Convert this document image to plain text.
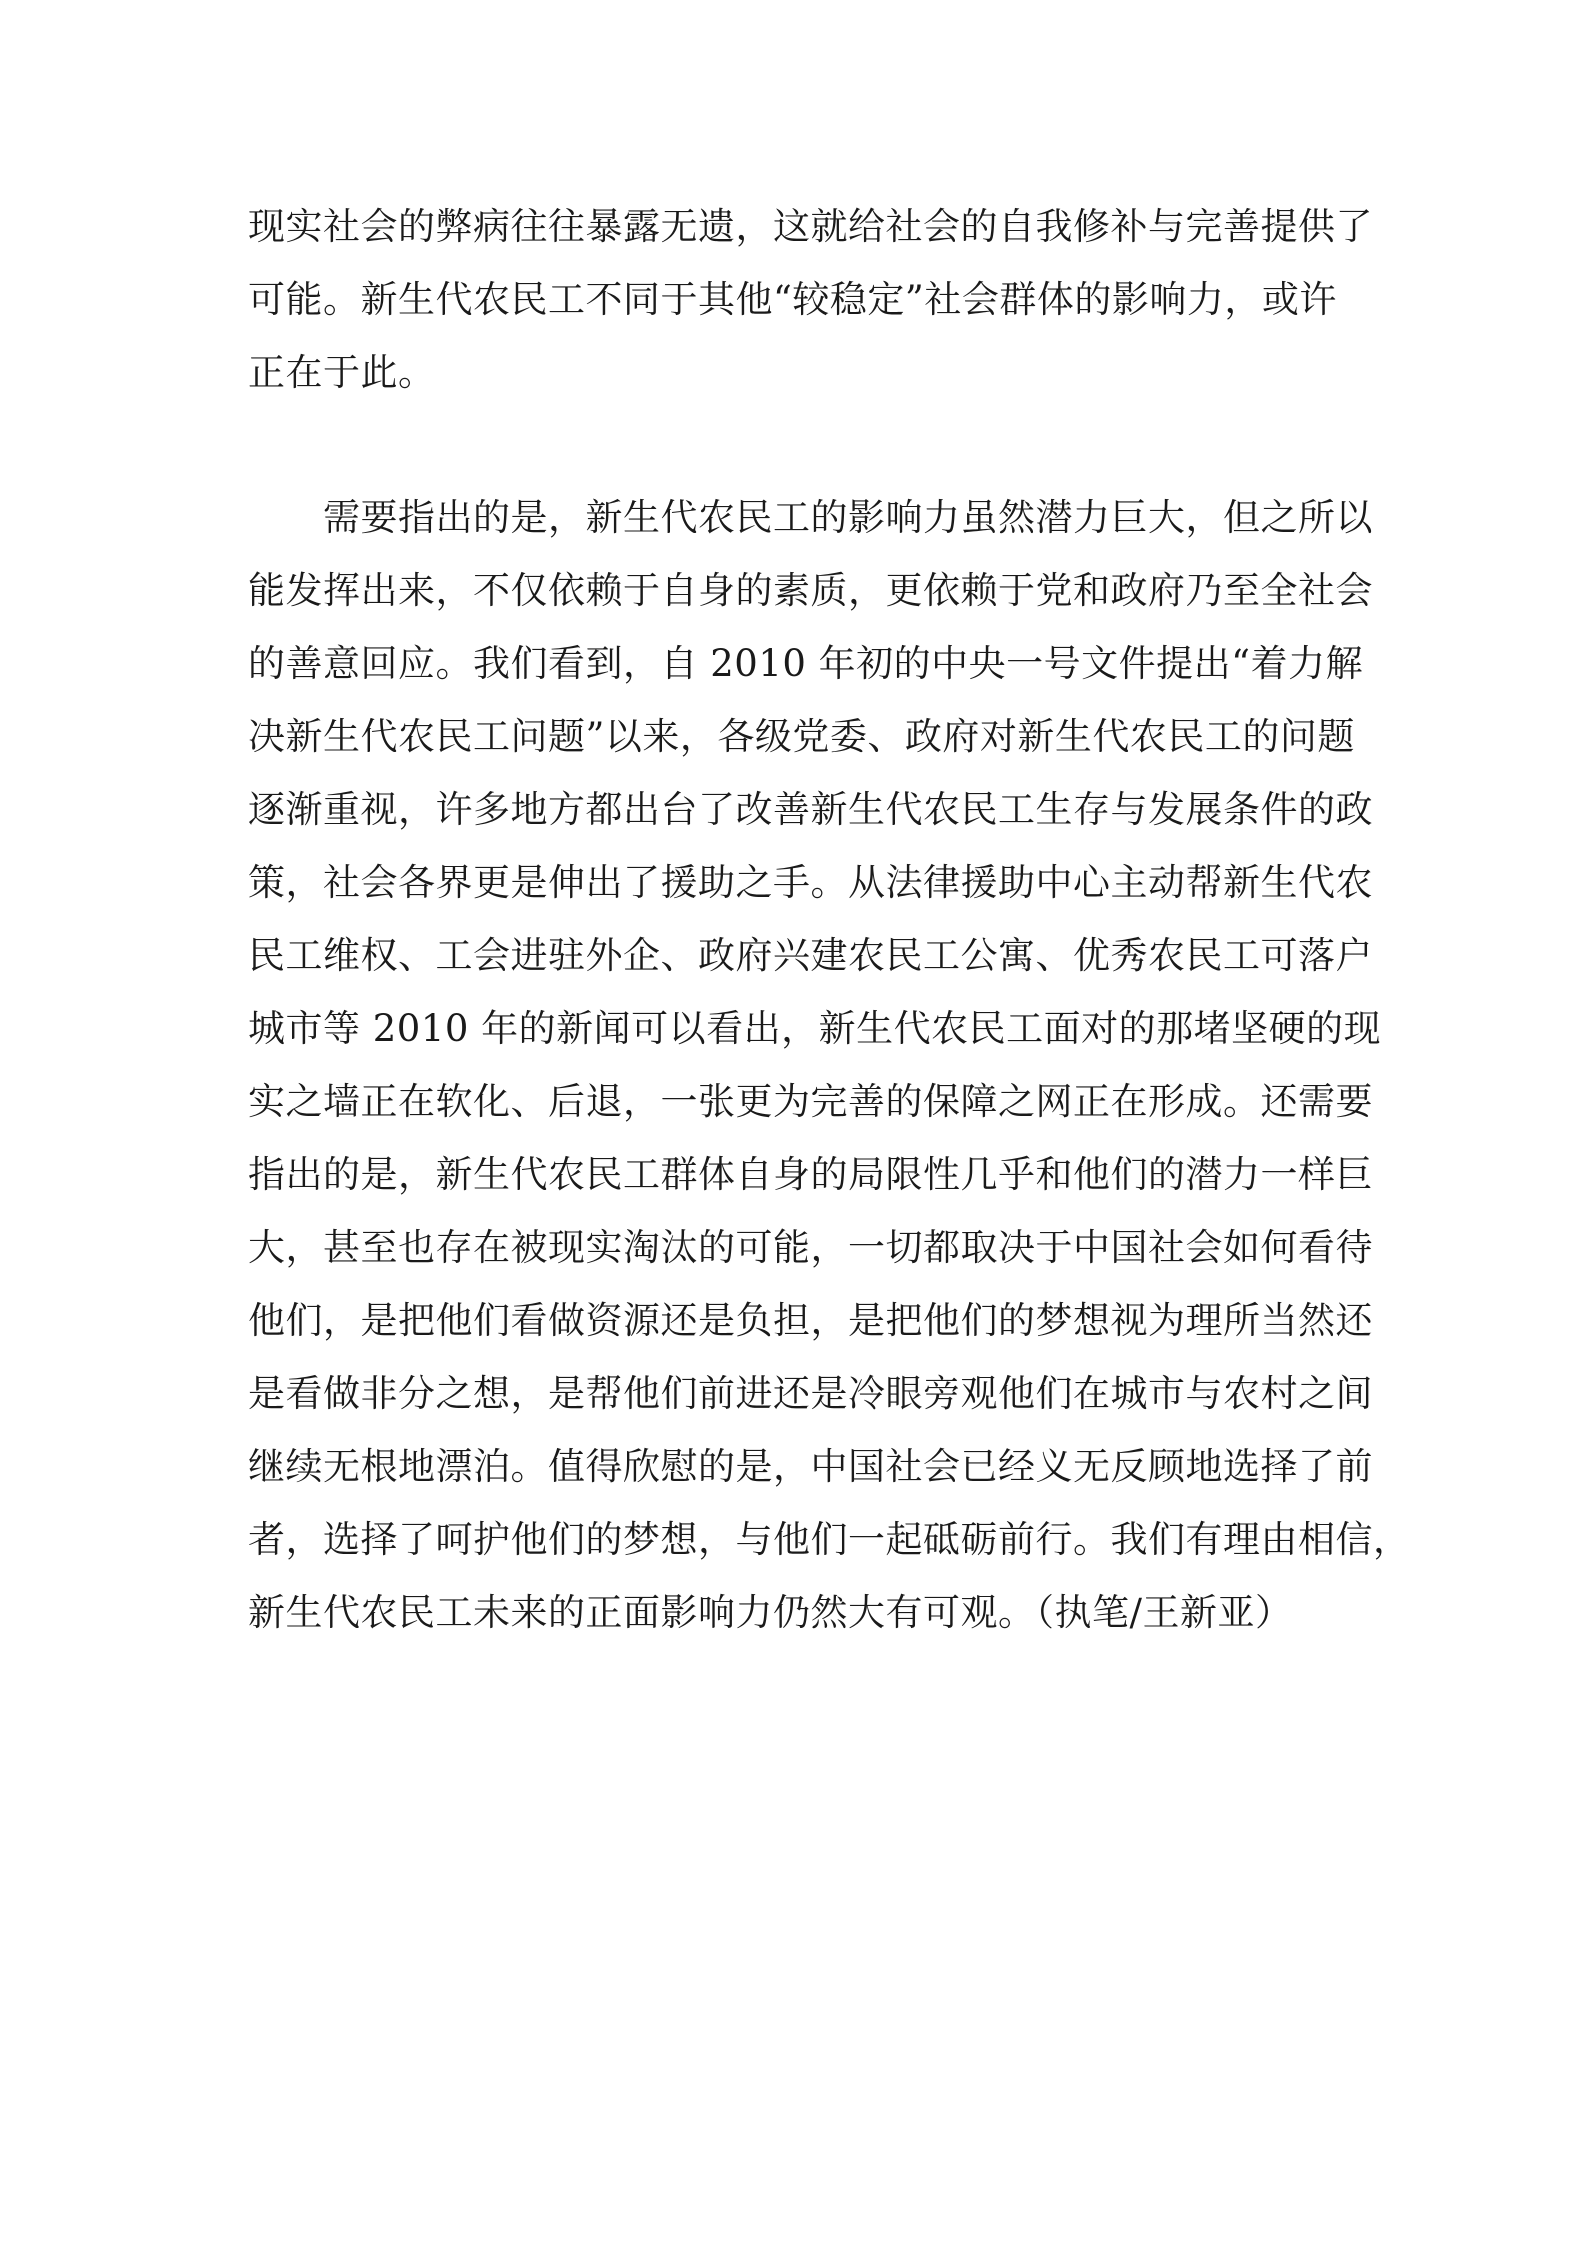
现实社会的弊病往往暴露无遗，这就给社会的自我修补与完善提供了
可能。新生代农民工不同于其他“较稳定”社会群体的影响力，或许
正在于此。
　　需要指出的是，新生代农民工的影响力虽然潜力巨大，但之所以
能发挥出来，不仅依赖于自身的素质，更依赖于党和政府乃至全社会
的善意回应。我们看到，自 2010 年初的中央一号文件提出“着力解
决新生代农民工问题”以来，各级党委、政府对新生代农民工的问题
逐渐重视，许多地方都出台了改善新生代农民工生存与发展条件的政
策，社会各界更是伸出了援助之手。从法律援助中心主动帮新生代农
民工维权、工会进驻外企、政府兴建农民工公寓、优秀农民工可落户
城市等 2010 年的新闻可以看出，新生代农民工面对的那堵坚硬的现
实之墙正在软化、后退，一张更为完善的保障之网正在形成。还需要
指出的是，新生代农民工群体自身的局限性几乎和他们的潜力一样巨
大，甚至也存在被现实淘汰的可能，一切都取决于中国社会如何看待
他们，是把他们看做资源还是负担，是把他们的梦想视为理所当然还
是看做非分之想，是帮他们前进还是冷眼旁观他们在城市与农村之间
继续无根地漂泊。值得欣慰的是，中国社会已经义无反顾地选择了前
者，选择了呵护他们的梦想，与他们一起砥砺前行。我们有理由相信，
新生代农民工未来的正面影响力仍然大有可观。（执笔/王新亚）
